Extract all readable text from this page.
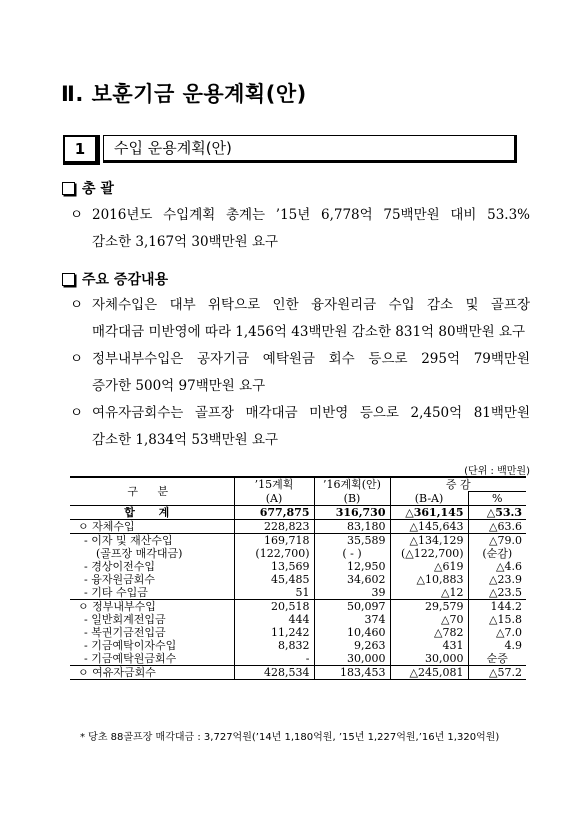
Ⅱ. 보훈기금 운용계획(안)
1	수입 운용계획(안)
총 괄
ㅇ 2016년도 수입계획 총계는 ’15년 6,778억 75백만원 대비 53.3%
감소한 3,167억 30백만원 요구
주요 증감내용
ㅇ 자체수입은 대부 위탁으로 인한 융자원리금 수입 감소 및 골프장
매각대금 미반영에 따라 1,456억 43백만원 감소한 831억 80백만원 요구
ㅇ 정부내부수입은 공자기금 예탁원금 회수 등으로 295억 79백만원
증가한 500억 97백만원 요구
ㅇ 여유자금회수는 골프장 매각대금 미반영 등으로 2,450억 81백만원
감소한 1,834억 53백만원 요구
(단위 : 백만원)
구 분	’15계획	’16계획(안)	증 감	
	(A)	(B)	(B-A)	%
합 계	677,875	316,730	△361,145	△53.3
ㅇ 자체수입	228,823	83,180	△145,643	△63.6
- 이자 및 재산수입	169,718	35,589	△134,129	△79.0
(골프장 매각대금)	(122,700)	( - )	(△122,700)	(순감)
- 경상이전수입	13,569	12,950	△619	△4.6
- 융자원금회수	45,485	34,602	△10,883	△23.9
- 기타 수입금	51	39	△12	△23.5
ㅇ 정부내부수입	20,518	50,097	29,579	144.2
- 일반회계전입금	444	374	△70	△15.8
- 복권기금전입금	11,242	10,460	△782	△7.0
- 기금예탁이자수입	8,832	9,263	431	4.9
- 기금예탁원금회수	-	30,000	30,000	순증
ㅇ 여유자금회수	428,534	183,453	△245,081	△57.2
* 당초 88골프장 매각대금 : 3,727억원(’14년 1,180억원, ’15년 1,227억원,’16년 1,320억원)
